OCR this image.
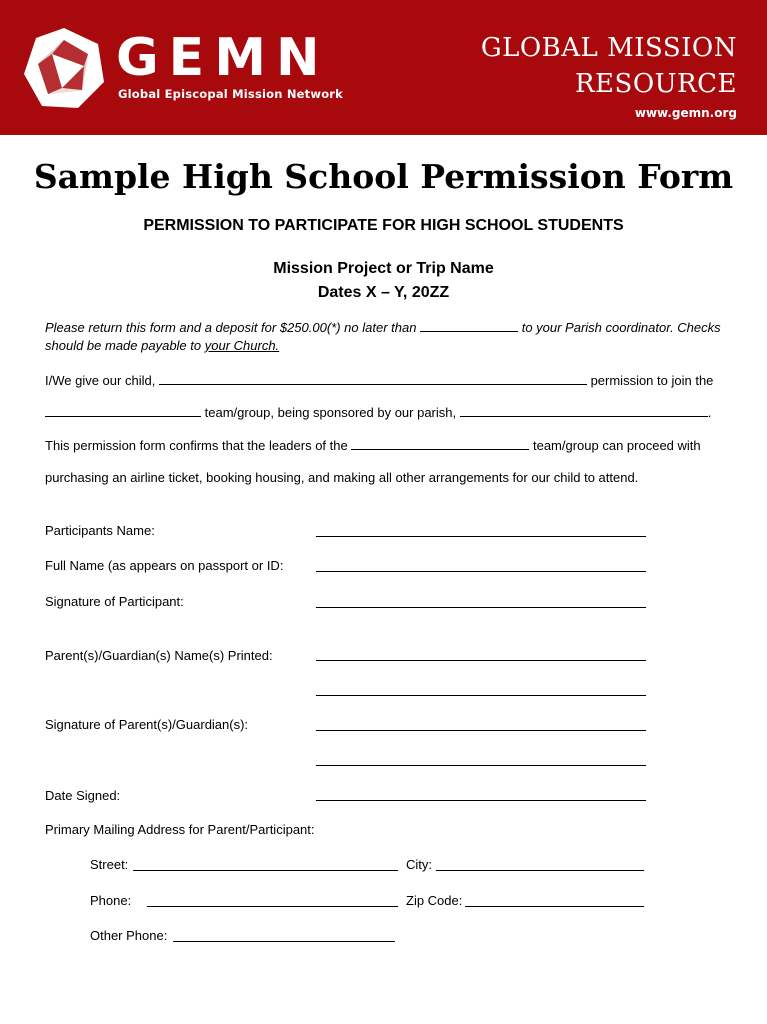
GEMN
Global Episcopal Mission Network
GLOBAL MISSION
RESOURCE
www.gemn.org
Sample High School Permission Form
PERMISSION TO PARTICIPATE FOR HIGH SCHOOL STUDENTS
Mission Project or Trip Name
Dates X – Y, 20ZZ
Please return this form and a deposit for $250.00(*) no later than	to your Parish coordinator. Checks
should be made payable to your Church.
I/We give our child,	permission to join the
team/group, being sponsored by our parish,	.
This permission form confirms that the leaders of the	team/group can proceed with
purchasing an airline ticket, booking housing, and making all other arrangements for our child to attend.
Participants Name:
Full Name (as appears on passport or ID:
Signature of Participant:
Parent(s)/Guardian(s) Name(s) Printed:
Signature of Parent(s)/Guardian(s):
Date Signed:
Primary Mailing Address for Parent/Participant:
Street:	City:
Phone:	Zip Code:
Other Phone:
